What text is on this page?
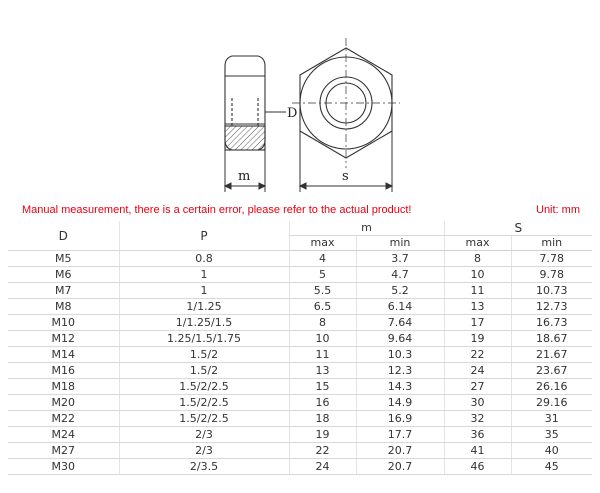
D
m	s
Manual measurement, there is a certain error, please refer to the actual product!	Unit: mm
D	P	m		S	
		max	min	max	min
M5	0.8	4	3.7	8	7.78
M6	1	5	4.7	10	9.78
M7	1	5.5	5.2	11	10.73
M8	1/1.25	6.5	6.14	13	12.73
M10	1/1.25/1.5	8	7.64	17	16.73
M12	1.25/1.5/1.75	10	9.64	19	18.67
M14	1.5/2	11	10.3	22	21.67
M16	1.5/2	13	12.3	24	23.67
M18	1.5/2/2.5	15	14.3	27	26.16
M20	1.5/2/2.5	16	14.9	30	29.16
M22	1.5/2/2.5	18	16.9	32	31
M24	2/3	19	17.7	36	35
M27	2/3	22	20.7	41	40
M30	2/3.5	24	20.7	46	45
